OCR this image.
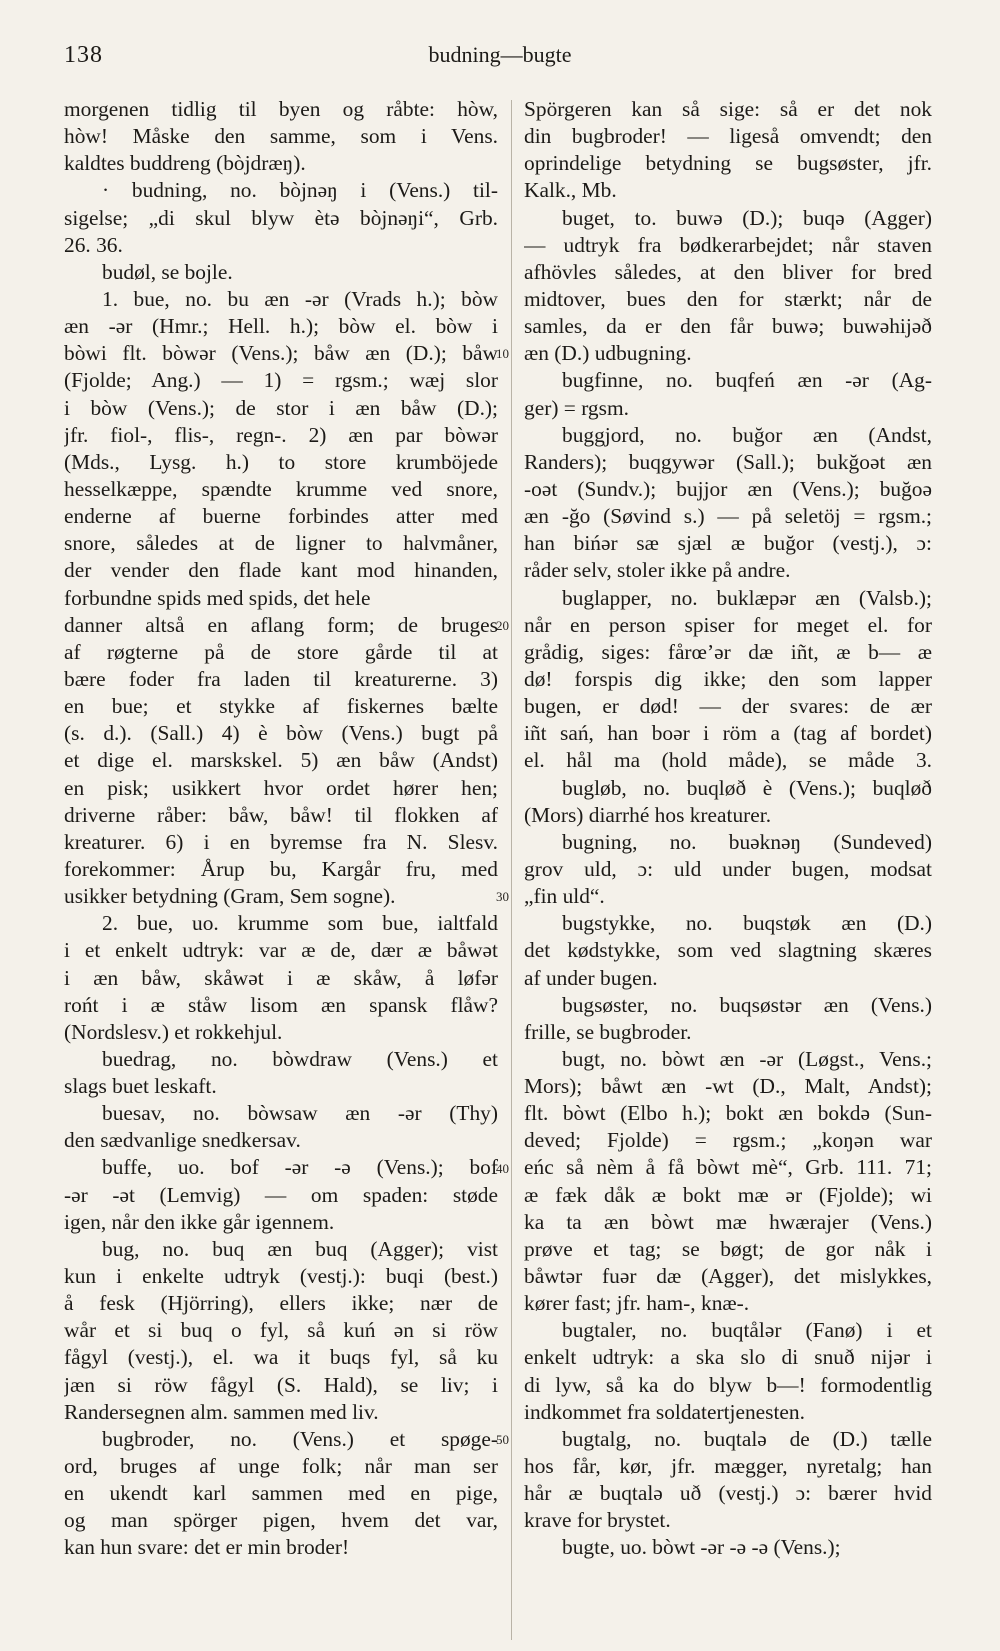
138	budning—bugte
morgenen tidlig til byen og råbte: hòw,
hòw! Måske den samme, som i Vens.
kaldtes buddreng (bòjdræŋ).
· budning, no. bòjnəŋ i (Vens.) til-
sigelse; „di skul blyw ètə bòjnəŋi“, Grb.
26. 36.
budøl, se bojle.
1. bue, no. bu æn -ər (Vrads h.); bòw
æn -ər (Hmr.; Hell. h.); bòw el. bòw i
bòwi flt. bòwər (Vens.); båw æn (D.); båw
(Fjolde; Ang.) — 1) = rgsm.; wæj slor
i bòw (Vens.); de stor i æn båw (D.);
jfr. fiol-, flis-, regn-. 2) æn par bòwər
(Mds., Lysg. h.) to store krumböjede
hesselkæppe, spændte krumme ved snore,
enderne af buerne forbindes atter med
snore, således at de ligner to halvmåner,
der vender den flade kant mod hinanden,
forbundne spids med spids, det hele
danner altså en aflang form; de bruges
af røgterne på de store gårde til at
bære foder fra laden til kreaturerne. 3)
en bue; et stykke af fiskernes bælte
(s. d.). (Sall.) 4) è bòw (Vens.) bugt på
et dige el. marskskel. 5) æn båw (Andst)
en pisk; usikkert hvor ordet hører hen;
driverne råber: båw, båw! til flokken af
kreaturer. 6) i en byremse fra N. Slesv.
forekommer: Årup bu, Kargår fru, med
usikker betydning (Gram, Sem sogne).
2. bue, uo. krumme som bue, ialtfald
i et enkelt udtryk: var æ de, dær æ båwət
i æn båw, skåwət i æ skåw, å løfər
rońt i æ ståw lisom æn spansk flåw?
(Nordslesv.) et rokkehjul.
buedrag, no. bòwdraw (Vens.) et
slags buet leskaft.
buesav, no. bòwsaw æn -ər (Thy)
den sædvanlige snedkersav.
buffe, uo. bof -ər -ə (Vens.); bof
-ər -ət (Lemvig) — om spaden: støde
igen, når den ikke går igennem.
bug, no. buq æn buq (Agger); vist
kun i enkelte udtryk (vestj.): buqi (best.)
å fesk (Hjörring), ellers ikke; nær de
wår et si buq o fyl, så kuń ən si röw
fågyl (vestj.), el. wa it buqs fyl, så ku
jæn si röw fågyl (S. Hald), se liv; i
Randersegnen alm. sammen med liv.
bugbroder, no. (Vens.) et spøge-
ord, bruges af unge folk; når man ser
en ukendt karl sammen med en pige,
og man spörger pigen, hvem det var,
kan hun svare: det er min broder!
Spörgeren kan så sige: så er det nok
din bugbroder! — ligeså omvendt; den
oprindelige betydning se bugsøster, jfr.
Kalk., Mb.
buget, to. buwə (D.); buqə (Agger)
— udtryk fra bødkerarbejdet; når staven
afhövles således, at den bliver for bred
midtover, bues den for stærkt; når de
samles, da er den får buwə; buwəhijəð
æn (D.) udbugning.
bugfinne, no. buqfeń æn -ər (Ag-
ger) = rgsm.
buggjord, no. buğor æn (Andst,
Randers); buqgywər (Sall.); bukğoət æn
-oət (Sundv.); bujjor æn (Vens.); buğoə
æn -ğo (Søvind s.) — på seletöj = rgsm.;
han bińər sæ sjæl æ buğor (vestj.), ɔ:
råder selv, stoler ikke på andre.
buglapper, no. buklæpər æn (Valsb.);
når en person spiser for meget el. for
grådig, siges: fårœ’ər dæ iñt, æ b— æ
dø! forspis dig ikke; den som lapper
bugen, er død! — der svares: de ær
iñt sań, han boər i röm a (tag af bordet)
el. hål ma (hold måde), se måde 3.
bugløb, no. buqløð è (Vens.); buqløð
(Mors) diarrhé hos kreaturer.
bugning, no. buəknəŋ (Sundeved)
grov uld, ɔ: uld under bugen, modsat
„fin uld“.
bugstykke, no. buqstøk æn (D.)
det kødstykke, som ved slagtning skæres
af under bugen.
bugsøster, no. buqsøstər æn (Vens.)
frille, se bugbroder.
bugt, no. bòwt æn -ər (Løgst., Vens.;
Mors); båwt æn -wt (D., Malt, Andst);
flt. bòwt (Elbo h.); bokt æn bokdə (Sun-
deved; Fjolde) = rgsm.; „koŋən war
eńc så nèm å få bòwt mè“, Grb. 111. 71;
æ fæk dåk æ bokt mæ ər (Fjolde); wi
ka ta æn bòwt mæ hwærajer (Vens.)
prøve et tag; se bøgt; de gor nåk i
båwtər fuər dæ (Agger), det mislykkes,
kører fast; jfr. ham-, knæ-.
bugtaler, no. buqtålər (Fanø) i et
enkelt udtryk: a ska slo di snuð nijər i
di lyw, så ka do blyw b—! formodentlig
indkommet fra soldatertjenesten.
bugtalg, no. buqtalə de (D.) tælle
hos får, kør, jfr. mægger, nyretalg; han
hår æ buqtalə uð (vestj.) ɔ: bærer hvid
krave for brystet.
bugte, uo. bòwt -ər -ə -ə (Vens.);
10
20
30
40
50
